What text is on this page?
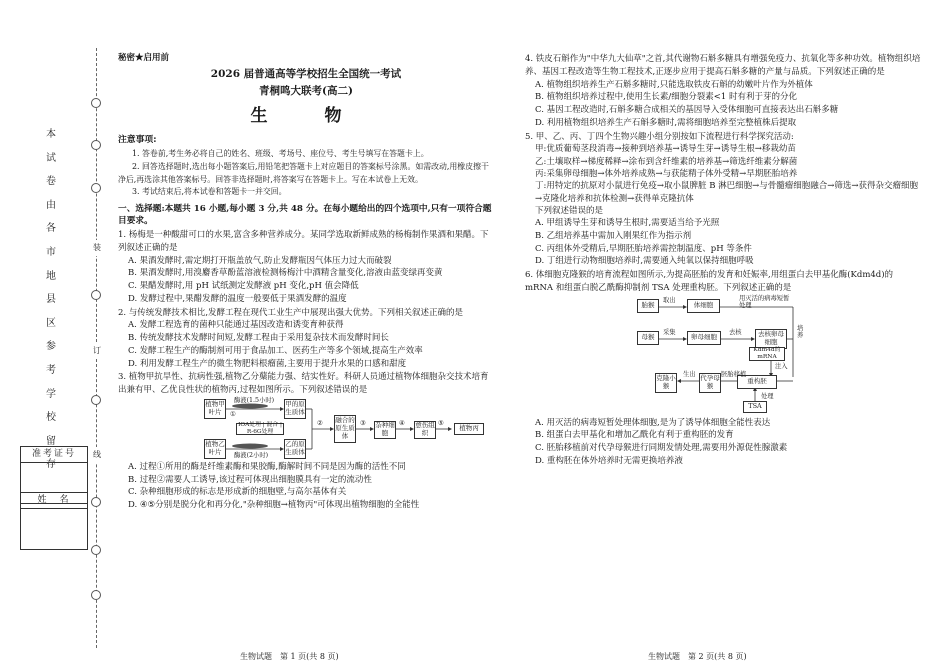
本
试
卷
由
各
市
地
县
区
参
考
学
校
留
存
装
订
线
准考证号
姓　名
秘密★启用前
2026 届普通高等学校招生全国统一考试
青桐鸣大联考(高二)
生　物
注意事项:
1. 答卷前,考生务必将自己的姓名、班级、考场号、座位号、考生号填写在答题卡上。
2. 回答选择题时,选出每小题答案后,用铅笔把答题卡上对应题目的答案标号涂黑。如需改动,用橡皮擦干净后,再选涂其他答案标号。回答非选择题时,将答案写在答题卡上。写在本试卷上无效。
3. 考试结束后,将本试卷和答题卡一并交回。
一、选择题:本题共 16 小题,每小题 3 分,共 48 分。在每小题给出的四个选项中,只有一项符合题目要求。
1. 杨梅是一种酸甜可口的水果,富含多种营养成分。某同学选取新鲜成熟的杨梅制作果酒和果醋。下列叙述正确的是
A. 果酒发酵时,需定期打开瓶盖放气,防止发酵瓶因气体压力过大而破裂
B. 果酒发酵时,用溴麝香草酚蓝溶液检测杨梅汁中酒精含量变化,溶液由蓝变绿再变黄
C. 果醋发酵时,用 pH 试纸测定发酵液 pH 变化,pH 值会降低
D. 发酵过程中,果醋发酵的温度一般要低于果酒发酵的温度
2. 与传统发酵技术相比,发酵工程在现代工业生产中展现出强大优势。下列相关叙述正确的是
A. 发酵工程选育的菌种只能通过基因改造和诱变育种获得
B. 传统发酵技术发酵时间短,发酵工程由于采用复杂技术而发酵时间长
C. 发酵工程生产的酶制剂可用于食品加工、医药生产等多个领域,提高生产效率
D. 利用发酵工程生产的微生物肥料根瘤菌,主要用于提升水果的口感和甜度
3. 植物甲抗旱性、抗病性强,植物乙分蘖能力强、结实性好。科研人员通过植物体细胞杂交技术培育出兼有甲、乙优良性状的植物丙,过程如图所示。下列叙述错误的是
植物甲叶片
植物乙叶片
酶液(1.5小时)
酶液(2小时)
①
IOA处理 | 混合 | R-6G处理
甲的原生质体
乙的原生质体
② 融合的原生质体
③ 杂种细胞
④ 愈伤组织
⑤
植物丙
A. 过程①所用的酶是纤维素酶和果胶酶,酶解时间不同是因为酶的活性不同
B. 过程②需要人工诱导,该过程可体现出细胞膜具有一定的流动性
C. 杂种细胞形成的标志是形成新的细胞壁,与高尔基体有关
D. ④⑤分别是脱分化和再分化,"杂种细胞→植物丙"可体现出植物细胞的全能性
生物试题　第 1 页(共 8 页)
4. 铁皮石斛作为"中华九大仙草"之首,其代谢物石斛多糖具有增强免疫力、抗氧化等多种功效。植物组织培养、基因工程改造等生物工程技术,正逐步应用于提高石斛多糖的产量与品质。下列叙述正确的是
A. 植物组织培养生产石斛多糖时,只能选取铁皮石斛的幼嫩叶片作为外植体
B. 植物组织培养过程中,使用生长素/细胞分裂素<1 时有利于芽的分化
C. 基因工程改造时,石斛多糖合成相关的基因导入受体细胞可直接表达出石斛多糖
D. 利用植物组织培养生产石斛多糖时,需将细胞培养至完整植株后提取
5. 甲、乙、丙、丁四个生物兴趣小组分别按如下流程进行科学探究活动:
甲:优质葡萄茎段消毒→接种到培养基→诱导生芽→诱导生根→移栽幼苗
乙:土壤取样→梯度稀释→涂布到含纤维素的培养基→筛选纤维素分解菌
丙:采集卵母细胞→体外培养成熟→与获能精子体外受精→早期胚胎培养
丁:用特定的抗原对小鼠进行免疫→取小鼠脾脏 B 淋巴细胞→与骨髓瘤细胞融合→筛选→获得杂交瘤细胞→克隆化培养和抗体检测→获得单克隆抗体
下列叙述错误的是
A. 甲组诱导生芽和诱导生根时,需要适当给予光照
B. 乙组培养基中需加入刚果红作为指示剂
C. 丙组体外受精后,早期胚胎培养需控制温度、pH 等条件
D. 丁组进行动物细胞培养时,需要通入纯氧以保持细胞呼吸
6. 体细胞克隆猴的培育流程如图所示,为提高胚胎的发育和妊娠率,用组蛋白去甲基化酶(Kdm4d)的 mRNA 和组蛋白脱乙酰酶抑制剂 TSA 处理重构胚。下列叙述正确的是
胎猴
取出
体细胞
用灭活的病毒短暂处理
母猴
采集
卵母细胞
去核	去核卵母细胞
Kdm4d的mRNA
注入
培养
重构胚
处理
TSA
胚胎移植
代孕母猴
生出
克隆小猴
A. 用灭活的病毒短暂处理体细胞,是为了诱导体细胞全能性表达
B. 组蛋白去甲基化和增加乙酰化有利于重构胚的发育
C. 胚胎移植前对代孕母猴进行同期发情处理,需要用外源促性腺激素
D. 重构胚在体外培养时无需更换培养液
生物试题　第 2 页(共 8 页)
